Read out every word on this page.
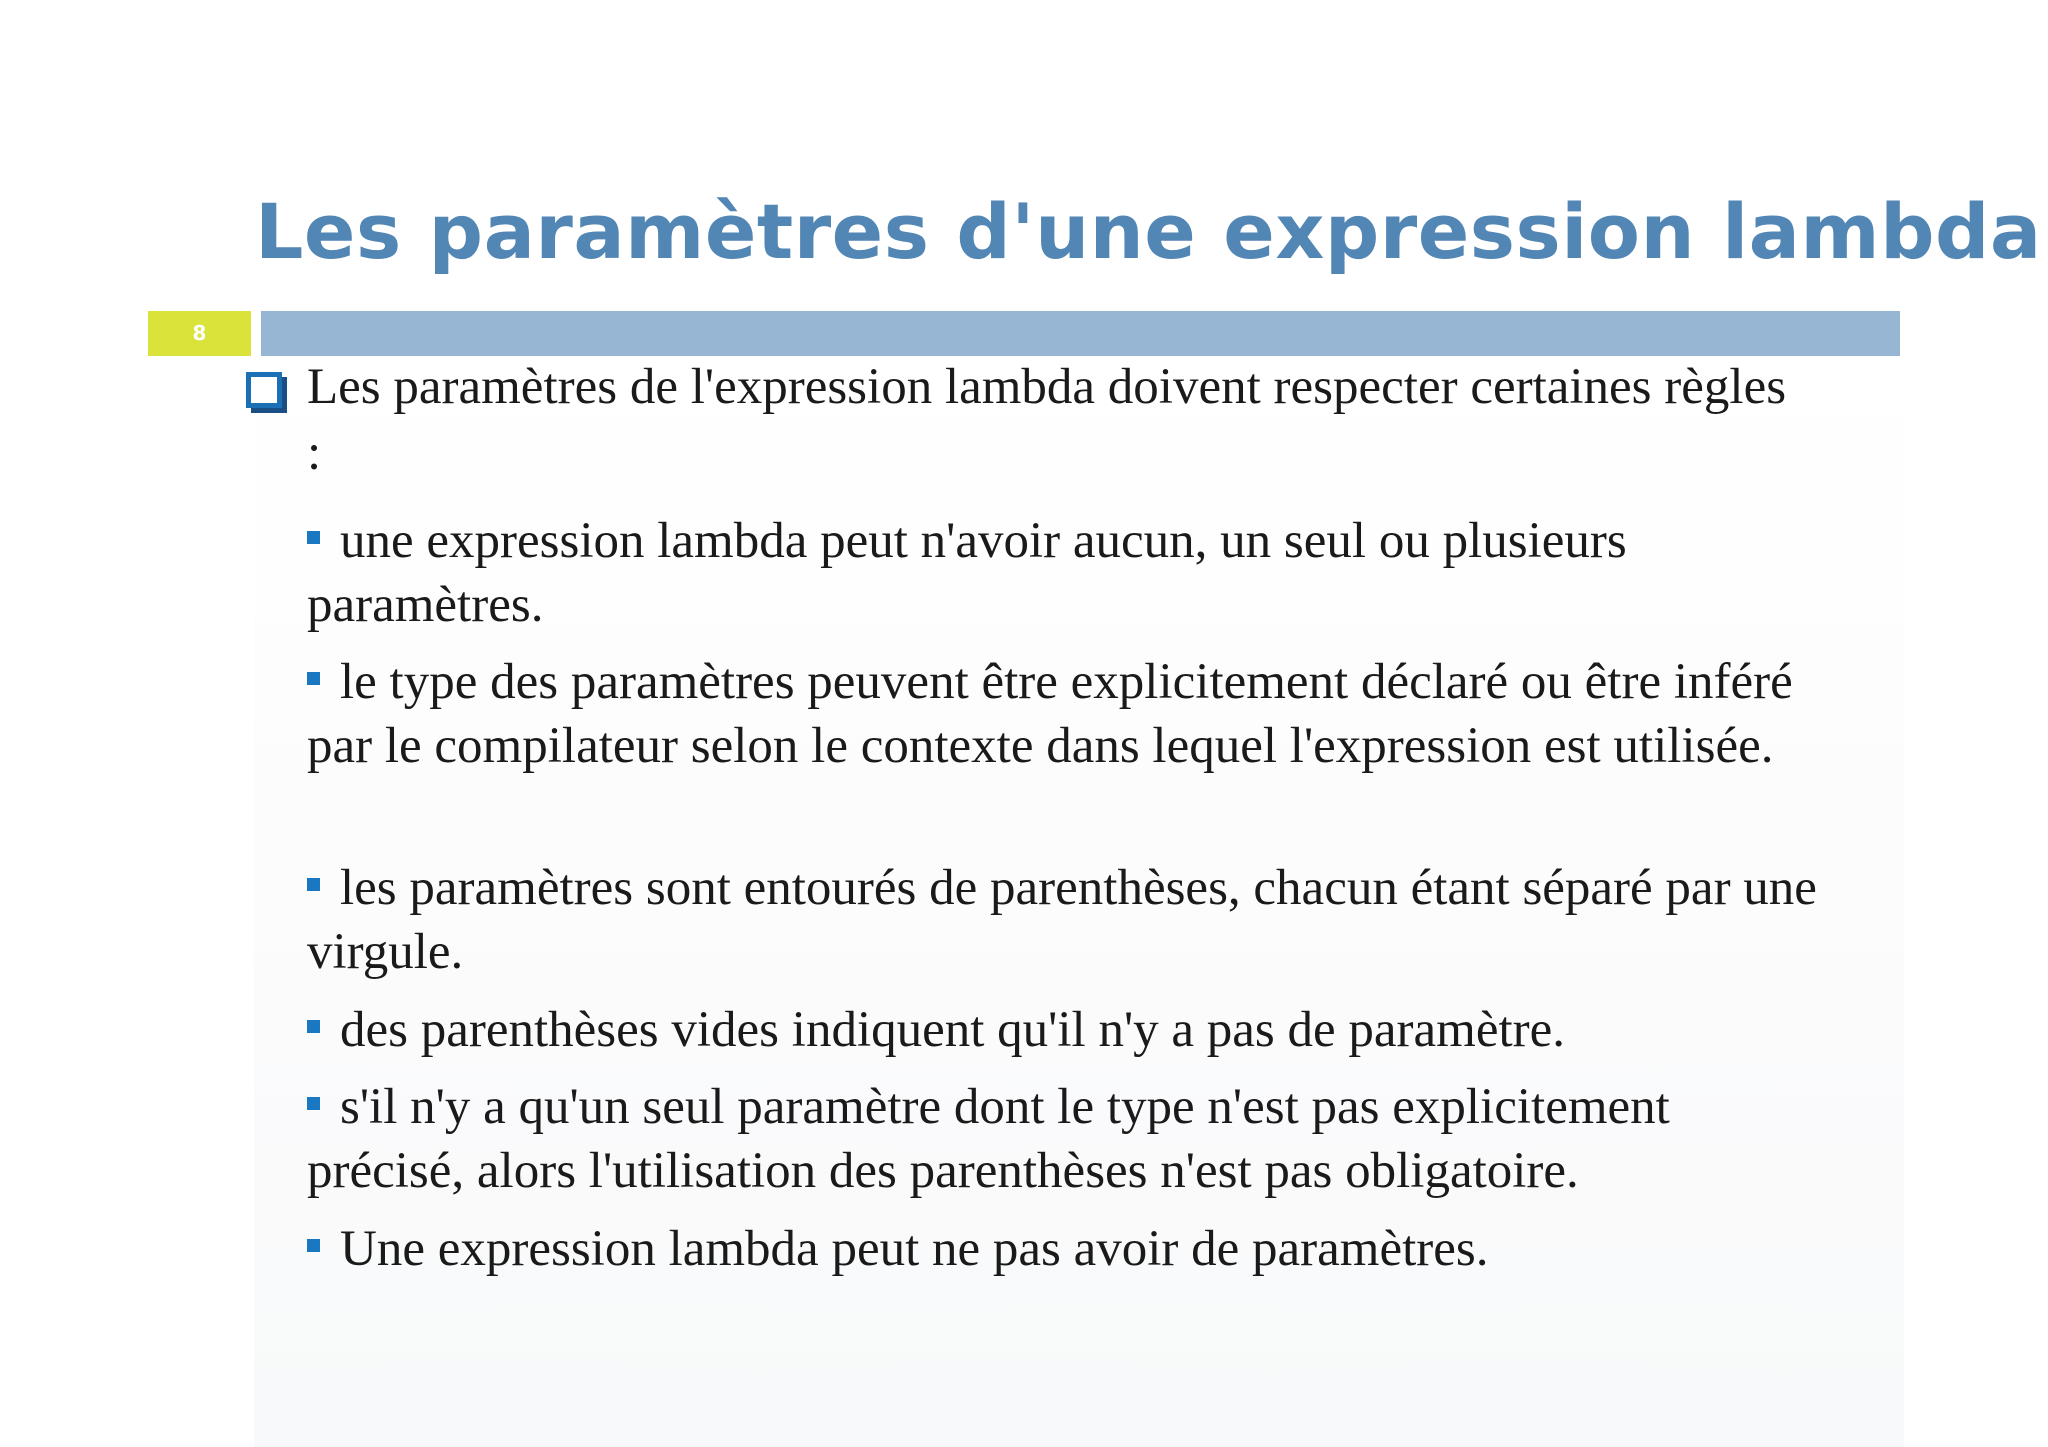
Les paramètres d'une expression lambda
8

Les paramètres de l'expression lambda doivent respecter certaines règles :

une expression lambda peut n'avoir aucun, un seul ou plusieurs paramètres.

le type des paramètres peuvent être explicitement déclaré ou être inféré par le compilateur selon le contexte dans lequel l'expression est utilisée.

les paramètres sont entourés de parenthèses, chacun étant séparé par une virgule.

des parenthèses vides indiquent qu'il n'y a pas de paramètre.

s'il n'y a qu'un seul paramètre dont le type n'est pas explicitement précisé, alors l'utilisation des parenthèses n'est pas obligatoire.

Une expression lambda peut ne pas avoir de paramètres.
